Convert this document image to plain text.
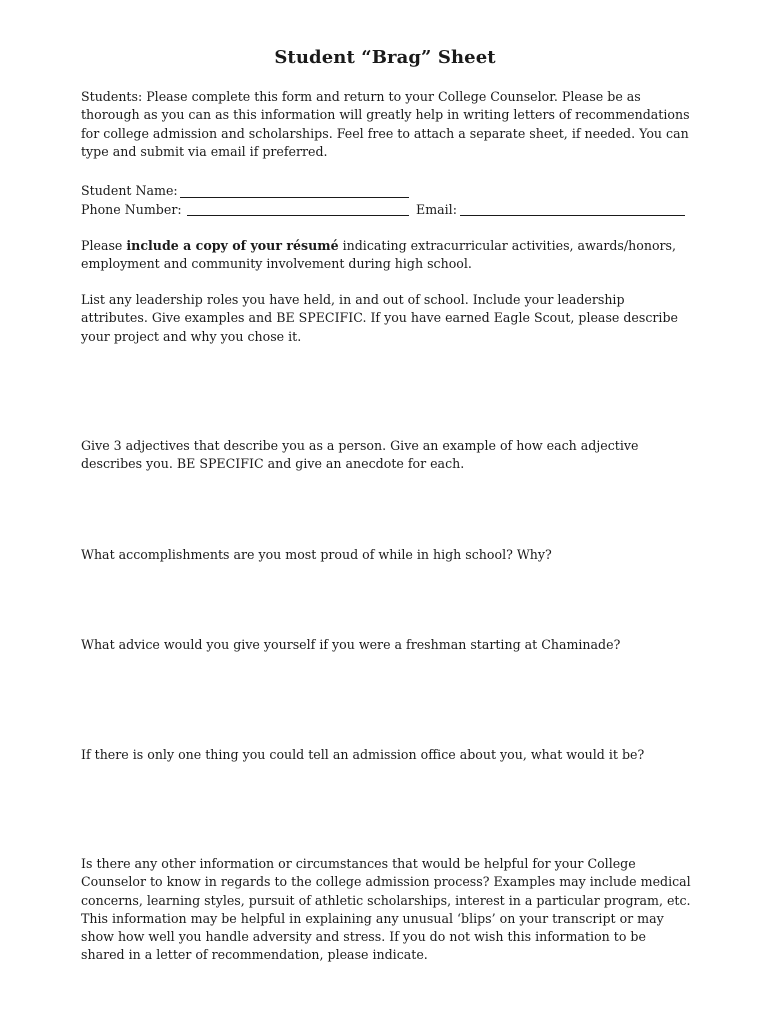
Student “Brag” Sheet
Students: Please complete this form and return to your College Counselor. Please be as thorough as you can as this information will greatly help in writing letters of recommendations for college admission and scholarships. Feel free to attach a separate sheet, if needed. You can type and submit via email if preferred.
Student Name:
Phone Number:	Email:
Please include a copy of your résumé indicating extracurricular activities, awards/honors, employment and community involvement during high school.
List any leadership roles you have held, in and out of school. Include your leadership attributes. Give examples and BE SPECIFIC. If you have earned Eagle Scout, please describe your project and why you chose it.
Give 3 adjectives that describe you as a person. Give an example of how each adjective describes you. BE SPECIFIC and give an anecdote for each.
What accomplishments are you most proud of while in high school? Why?
What advice would you give yourself if you were a freshman starting at Chaminade?
If there is only one thing you could tell an admission office about you, what would it be?
Is there any other information or circumstances that would be helpful for your College Counselor to know in regards to the college admission process? Examples may include medical concerns, learning styles, pursuit of athletic scholarships, interest in a particular program, etc. This information may be helpful in explaining any unusual ‘blips’ on your transcript or may show how well you handle adversity and stress. If you do not wish this information to be shared in a letter of recommendation, please indicate.
